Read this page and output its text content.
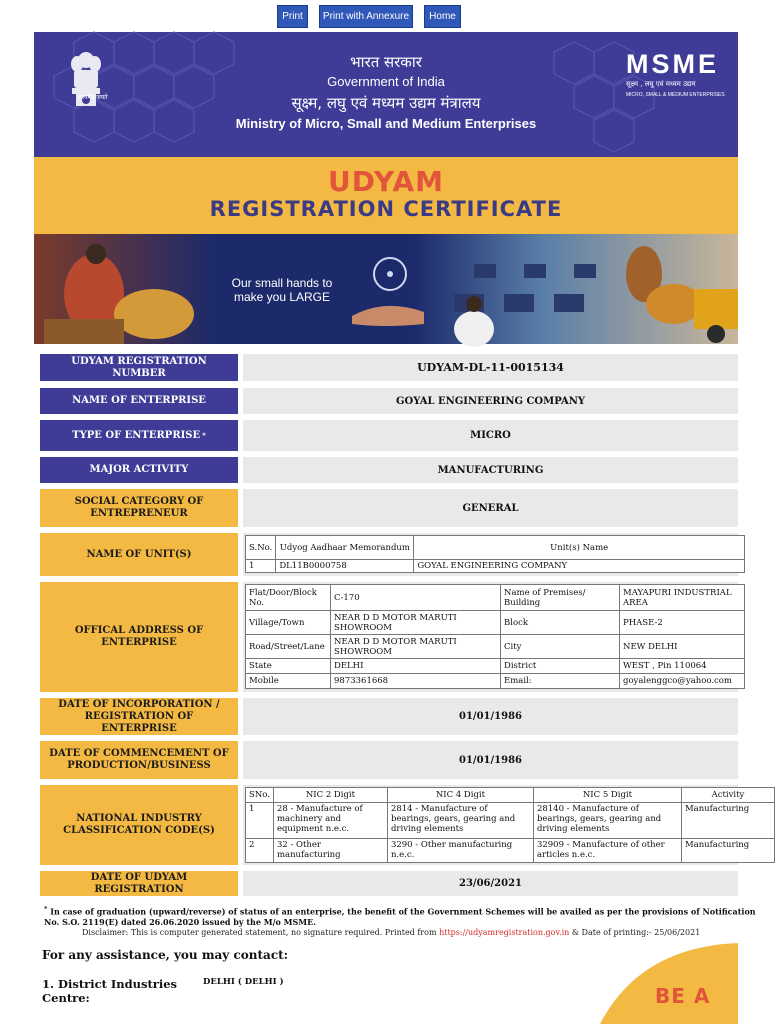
Print	Print with Annexure	Home
सत्यमेव जयते
भारत सरकार
Government of India
सूक्ष्म, लघु एवं मध्यम उद्यम मंत्रालय
Ministry of Micro, Small and Medium Enterprises
MSME
सूक्ष्म , लघु एवं मध्यम उद्यम
MICRO, SMALL & MEDIUM ENTERPRISES
UDYAM
REGISTRATION CERTIFICATE
Our small hands to make you LARGE
UDYAM REGISTRATION NUMBER	UDYAM-DL-11-0015134
NAME OF ENTERPRISE	GOYAL ENGINEERING COMPANY
TYPE OF ENTERPRISE *	MICRO
MAJOR ACTIVITY	MANUFACTURING
SOCIAL CATEGORY OF ENTREPRENEUR	GENERAL
NAME OF UNIT(S)
S.No.	Udyog Aadhaar Memorandum	Unit(s) Name
1	DL11B0000758	GOYAL ENGINEERING COMPANY
OFFICAL ADDRESS OF ENTERPRISE
Flat/Door/Block No.	C-170	Name of Premises/ Building	MAYAPURI INDUSTRIAL AREA
Village/Town	NEAR D D MOTOR MARUTI SHOWROOM	Block	PHASE-2
Road/Street/Lane	NEAR D D MOTOR MARUTI SHOWROOM	City	NEW DELHI
State	DELHI	District	WEST , Pin 110064
Mobile	9873361668	Email:	goyalenggco@yahoo.com
DATE OF INCORPORATION / REGISTRATION OF ENTERPRISE
01/01/1986
DATE OF COMMENCEMENT OF PRODUCTION/BUSINESS	01/01/1986
NATIONAL INDUSTRY CLASSIFICATION CODE(S)
SNo.	NIC 2 Digit	NIC 4 Digit	NIC 5 Digit	Activity
1	28 - Manufacture of machinery and equipment n.e.c.	2814 - Manufacture of bearings, gears, gearing and driving elements	28140 - Manufacture of bearings, gears, gearing and driving elements	Manufacturing
2	32 - Other manufacturing	3290 - Other manufacturing n.e.c.	32909 - Manufacture of other articles n.e.c.	Manufacturing
DATE OF UDYAM REGISTRATION	23/06/2021
* In case of graduation (upward/reverse) of status of an enterprise, the benefit of the Government Schemes will be availed as per the provisions of Notification
No. S.O. 2119(E) dated 26.06.2020 issued by the M/o MSME.
Disclaimer: This is computer generated statement, no signature required. Printed from https://udyamregistration.gov.in & Date of printing:- 25/06/2021
For any assistance, you may contact:
1. District Industries Centre:
DELHI ( DELHI )
BE A
